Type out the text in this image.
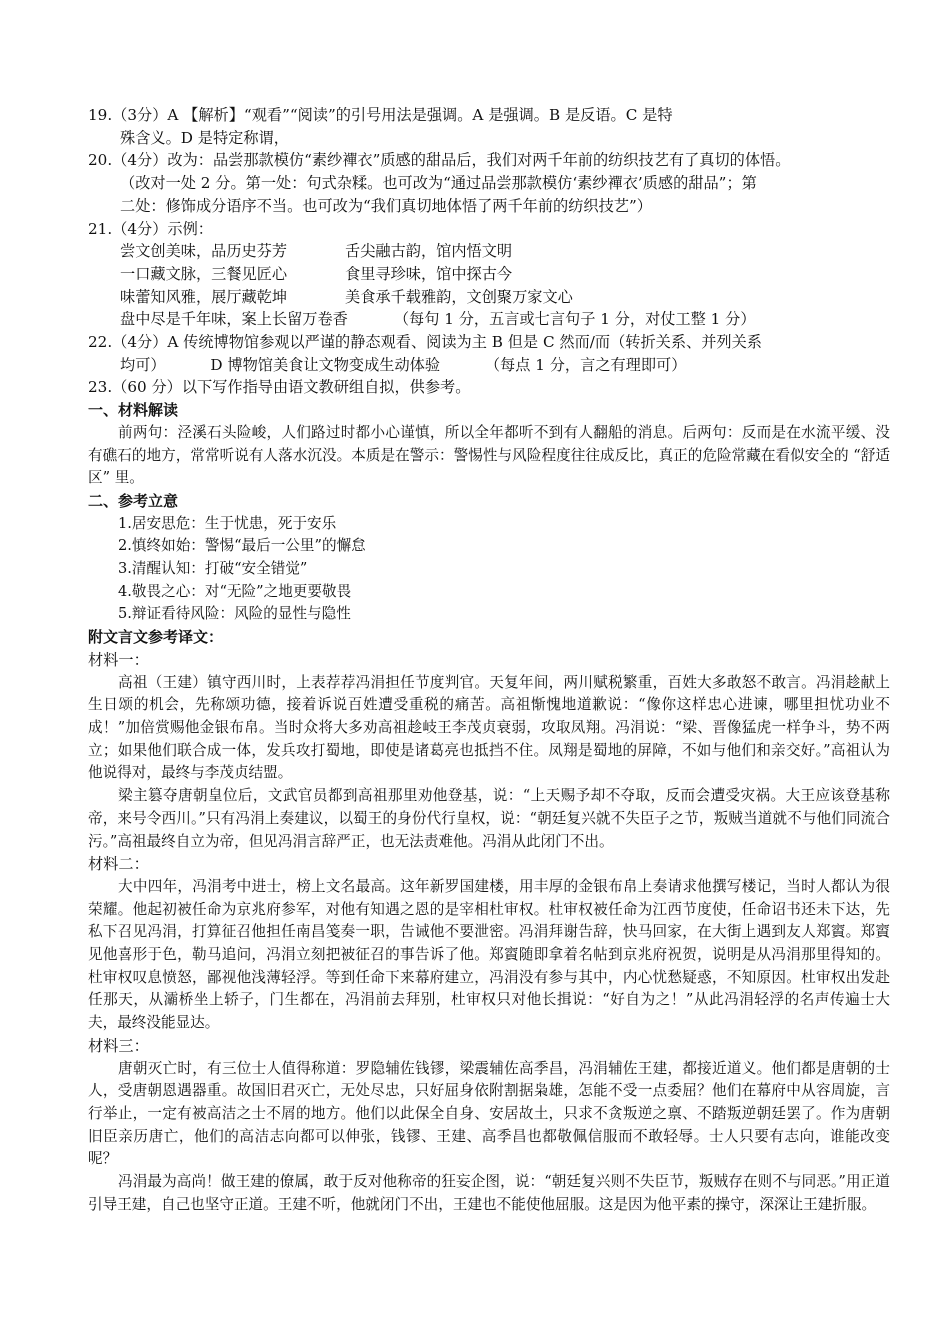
19.（3分）A 【解析】“观看”“阅读”的引号用法是强调。A 是强调。B 是反语。C 是特
殊含义。D 是特定称谓，
20.（4分）改为：品尝那款模仿“素纱襌衣”质感的甜品后，我们对两千年前的纺织技艺有了真切的体悟。
（改对一处 2 分。第一处：句式杂糅。也可改为“通过品尝那款模仿‘素纱襌衣’质感的甜品”；第
二处：修饰成分语序不当。也可改为“我们真切地体悟了两千年前的纺织技艺”）
21.（4分）示例：
尝文创美味，品历史芬芳	舌尖融古韵，馆内悟文明
一口藏文脉，三餐见匠心	食里寻珍味，馆中探古今
味蕾知风雅，展厅藏乾坤	美食承千载雅韵，文创聚万家文心
盘中尽是千年味，案上长留万卷香	（每句 1 分，五言或七言句子 1 分，对仗工整 1 分）
22.（4分）A 传统博物馆参观以严谨的静态观看、阅读为主 B 但是 C 然而/而（转折关系、并列关系
均可）	D 博物馆美食让文物变成生动体验	（每点 1 分，言之有理即可）
23.（60 分）以下写作指导由语文教研组自拟，供参考。
一、材料解读
前两句：泾溪石头险峻，人们路过时都小心谨慎，所以全年都听不到有人翻船的消息。后两句：反而是在水流平缓、没有礁石的地方，常常听说有人落水沉没。本质是在警示：警惕性与风险程度往往成反比，真正的危险常藏在看似安全的 “舒适区” 里。
二、参考立意
1.居安思危：生于忧患，死于安乐
2.慎终如始：警惕“最后一公里”的懈怠
3.清醒认知：打破“安全错觉”
4.敬畏之心：对“无险”之地更要敬畏
5.辩证看待风险：风险的显性与隐性
附文言文参考译文：
材料一：
高祖（王建）镇守西川时，上表荐荐冯涓担任节度判官。天复年间，两川赋税繁重，百姓大多敢怒不敢言。冯涓趁献上生日颂的机会，先称颂功德，接着诉说百姓遭受重税的痛苦。高祖惭愧地道歉说：“像你这样忠心进谏，哪里担忧功业不成！”加倍赏赐他金银布帛。当时众将大多劝高祖趁岐王李茂贞衰弱，攻取凤翔。冯涓说：“梁、晋像猛虎一样争斗，势不两立；如果他们联合成一体，发兵攻打蜀地，即使是诸葛亮也抵挡不住。凤翔是蜀地的屏障，不如与他们和亲交好。”高祖认为他说得对，最终与李茂贞结盟。
梁主篡夺唐朝皇位后，文武官员都到高祖那里劝他登基，说：“上天赐予却不夺取，反而会遭受灾祸。大王应该登基称帝，来号令西川。”只有冯涓上奏建议，以蜀王的身份代行皇权，说：“朝廷复兴就不失臣子之节，叛贼当道就不与他们同流合污。”高祖最终自立为帝，但见冯涓言辞严正，也无法责难他。冯涓从此闭门不出。
材料二：
大中四年，冯涓考中进士，榜上文名最高。这年新罗国建楼，用丰厚的金银布帛上奏请求他撰写楼记，当时人都认为很荣耀。他起初被任命为京兆府参军，对他有知遇之恩的是宰相杜审权。杜审权被任命为江西节度使，任命诏书还未下达，先私下召见冯涓，打算征召他担任南昌笺奏一职，告诫他不要泄密。冯涓拜谢告辞，快马回家，在大街上遇到友人郑賨。郑賨见他喜形于色，勒马追问，冯涓立刻把被征召的事告诉了他。郑賨随即拿着名帖到京兆府祝贺，说明是从冯涓那里得知的。杜审权叹息愤怒，鄙视他浅薄轻浮。等到任命下来幕府建立，冯涓没有参与其中，内心忧愁疑惑，不知原因。杜审权出发赴任那天，从灞桥坐上轿子，门生都在，冯涓前去拜别，杜审权只对他长揖说：“好自为之！”从此冯涓轻浮的名声传遍士大夫，最终没能显达。
材料三：
唐朝灭亡时，有三位士人值得称道：罗隐辅佐钱镠，梁震辅佐高季昌，冯涓辅佐王建，都接近道义。他们都是唐朝的士人，受唐朝恩遇器重。故国旧君灭亡，无处尽忠，只好屈身依附割据枭雄，怎能不受一点委屈？他们在幕府中从容周旋，言行举止，一定有被高洁之士不屑的地方。他们以此保全自身、安居故土，只求不贪叛逆之禀、不踏叛逆朝廷罢了。作为唐朝旧臣亲历唐亡，他们的高洁志向都可以伸张，钱镠、王建、高季昌也都敬佩信服而不敢轻辱。士人只要有志向，谁能改变呢？
冯涓最为高尚！做王建的僚属，敢于反对他称帝的狂妄企图，说：“朝廷复兴则不失臣节，叛贼存在则不与同恶。”用正道引导王建，自己也坚守正道。王建不听，他就闭门不出，王建也不能使他屈服。这是因为他平素的操守，深深让王建折服。
